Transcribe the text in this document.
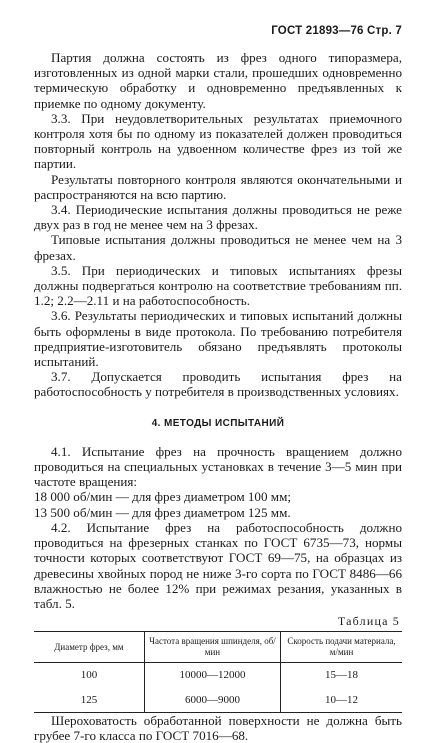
ГОСТ 21893—76 Стр. 7

Партия должна состоять из фрез одного типоразмера, изготовленных из одной марки стали, прошедших одновременно термическую обработку и одновременно предъявленных к приемке по одному документу.

3.3. При неудовлетворительных результатах приемочного контроля хотя бы по одному из показателей должен проводиться повторный контроль на удвоенном количестве фрез из той же партии.

Результаты повторного контроля являются окончательными и распространяются на всю партию.

3.4. Периодические испытания должны проводиться не реже двух раз в год не менее чем на 3 фрезах.

Типовые испытания должны проводиться не менее чем на 3 фрезах.

3.5. При периодических и типовых испытаниях фрезы должны подвергаться контролю на соответствие требованиям пп. 1.2; 2.2—2.11 и на работоспособность.

3.6. Результаты периодических и типовых испытаний должны быть оформлены в виде протокола. По требованию потребителя предприятие-изготовитель обязано предъявлять протоколы испытаний.

3.7. Допускается проводить испытания фрез на работоспособность у потребителя в производственных условиях.

4. МЕТОДЫ ИСПЫТАНИЙ

4.1. Испытание фрез на прочность вращением должно проводиться на специальных установках в течение 3—5 мин при частоте вращения:

18 000 об/мин — для фрез диаметром 100 мм;

13 500 об/мин — для фрез диаметром 125 мм.

4.2. Испытание фрез на работоспособность должно проводиться на фрезерных станках по ГОСТ 6735—73, нормы точности которых соответствуют ГОСТ 69—75, на образцах из древесины хвойных пород не ниже 3-го сорта по ГОСТ 8486—66 влажностью не более 12% при режимах резания, указанных в табл. 5.

Таблица 5
Диаметр фрез, мм	Частота вращения шпинделя, об/мин	Скорость подачи материала, м/мин
100	10000—12000	15—18
125	6000—9000	10—12

Шероховатость обработанной поверхности не должна быть грубее 7-го класса по ГОСТ 7016—68.
